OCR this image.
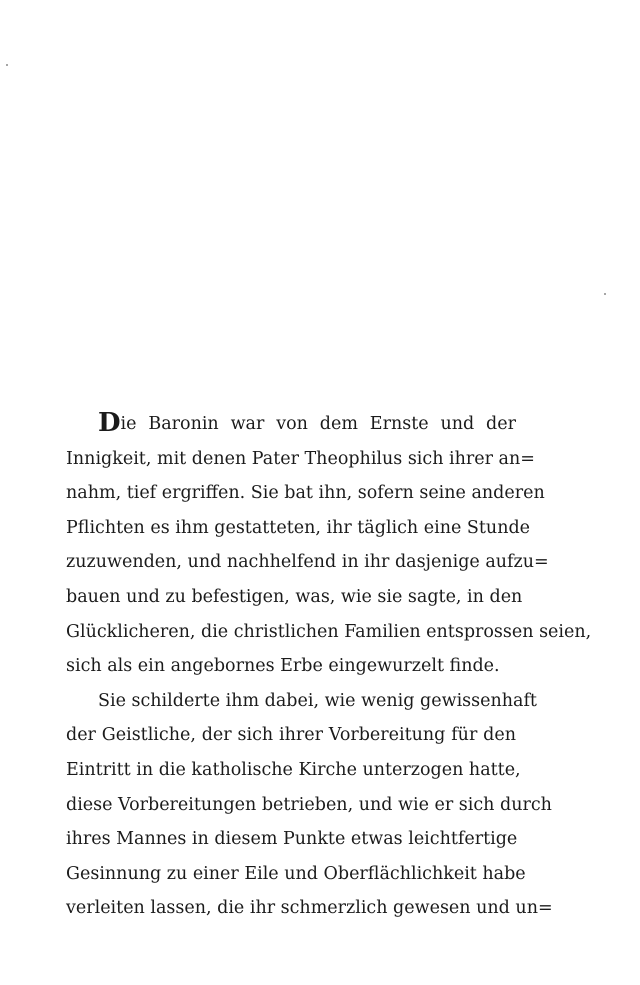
Die Baronin war von dem Ernste und der
Innigkeit, mit denen Pater Theophilus sich ihrer an=
nahm, tief ergriffen. Sie bat ihn, sofern seine anderen
Pflichten es ihm gestatteten, ihr täglich eine Stunde
zuzuwenden, und nachhelfend in ihr dasjenige aufzu=
bauen und zu befestigen, was, wie sie sagte, in den
Glücklicheren, die christlichen Familien entsprossen seien,
sich als ein angebornes Erbe eingewurzelt finde.
Sie schilderte ihm dabei, wie wenig gewissenhaft
der Geistliche, der sich ihrer Vorbereitung für den
Eintritt in die katholische Kirche unterzogen hatte,
diese Vorbereitungen betrieben, und wie er sich durch
ihres Mannes in diesem Punkte etwas leichtfertige
Gesinnung zu einer Eile und Oberflächlichkeit habe
verleiten lassen, die ihr schmerzlich gewesen und un=
